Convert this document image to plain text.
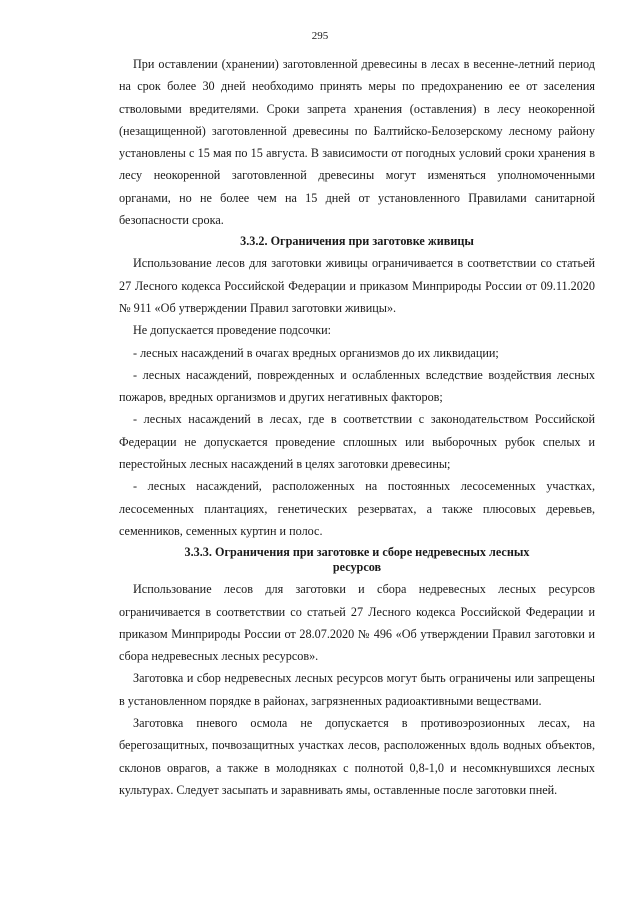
295

При оставлении (хранении) заготовленной древесины в лесах в весенне-летний период на срок более 30 дней необходимо принять меры по предохранению ее от заселения стволовыми вредителями. Сроки запрета хранения (оставления) в лесу неокоренной (незащищенной) заготовленной древесины по Балтийско-Белозерскому лесному району установлены с 15 мая по 15 августа. В зависимости от погодных условий сроки хранения в лесу неокоренной заготовленной древесины могут изменяться уполномоченными органами, но не более чем на 15 дней от установленного Правилами санитарной безопасности срока.

3.3.2. Ограничения при заготовке живицы

Использование лесов для заготовки живицы ограничивается в соответствии со статьей 27 Лесного кодекса Российской Федерации и приказом Минприроды России от 09.11.2020 № 911 «Об утверждении Правил заготовки живицы».

Не допускается проведение подсочки:

- лесных насаждений в очагах вредных организмов до их ликвидации;

- лесных насаждений, поврежденных и ослабленных вследствие воздействия лесных пожаров, вредных организмов и других негативных факторов;

- лесных насаждений в лесах, где в соответствии с законодательством Российской Федерации не допускается проведение сплошных или выборочных рубок спелых и перестойных лесных насаждений в целях заготовки древесины;

- лесных насаждений, расположенных на постоянных лесосеменных участках, лесосеменных плантациях, генетических резерватах, а также плюсовых деревьев, семенников, семенных куртин и полос.

3.3.3. Ограничения при заготовке и сборе недревесных лесных
ресурсов

Использование лесов для заготовки и сбора недревесных лесных ресурсов ограничивается в соответствии со статьей 27 Лесного кодекса Российской Федерации и приказом Минприроды России от 28.07.2020 № 496 «Об утверждении Правил заготовки и сбора недревесных лесных ресурсов».

Заготовка и сбор недревесных лесных ресурсов могут быть ограничены или запрещены в установленном порядке в районах, загрязненных радиоактивными веществами.

Заготовка пневого осмола не допускается в противоэрозионных лесах, на берегозащитных, почвозащитных участках лесов, расположенных вдоль водных объектов, склонов оврагов, а также в молодняках с полнотой 0,8-1,0 и несомкнувшихся лесных культурах. Следует засыпать и заравнивать ямы, оставленные после заготовки пней.
